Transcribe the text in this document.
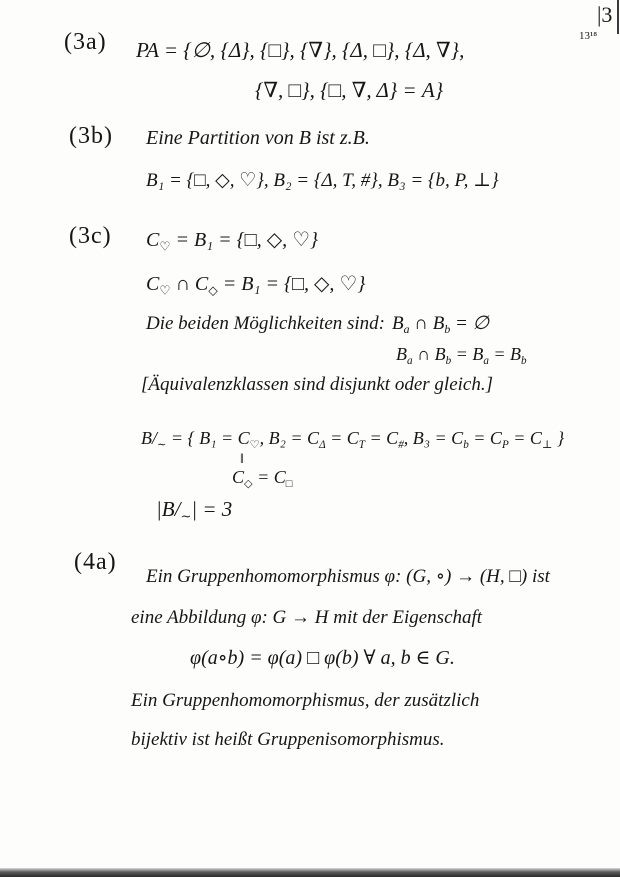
|3
13¹⁸
(3a) PA = {∅, {Δ}, {□}, {∇}, {Δ, □}, {Δ, ∇},
{∇, □}, {□, ∇, Δ} = A}
(3b) Eine Partition von B ist z.B.
B₁ = {□, ◇, ♡}, B₂ = {Δ, T, #}, B₃ = {b, P, ⊥}
(3c) $C_♡ = B_1$ = {□, ◇, ♡}
$C_♡$ ∩ $C_◇ = B_1$ = {□, ◇, ♡}
Die beiden Möglichkeiten sind: $B_a$ ∩ $B_b$ = ∅
$B_a$ ∩ $B_b = B_a = B_b$
[Äquivalenzklassen sind disjunkt oder gleich.]
$B/_\sim$ = { $B_1 = C_♡$, $B_2 = C_\Delta = C_T = C_{\#}$, $B_3 = C_b = C_P = C_\perp$ }
‖
$C_◇ = C_□$
$|B/_\sim| = 3$
(4a)
Ein Gruppenhomomorphismus φ: (G, ∘) → (H, □) ist
eine Abbildung φ: G → H mit der Eigenschaft
φ(a∘b) = φ(a) □ φ(b) ∀ a, b ∈ G.
Ein Gruppenhomomorphismus, der zusätzlich
bijektiv ist heißt Gruppenisomorphismus.
